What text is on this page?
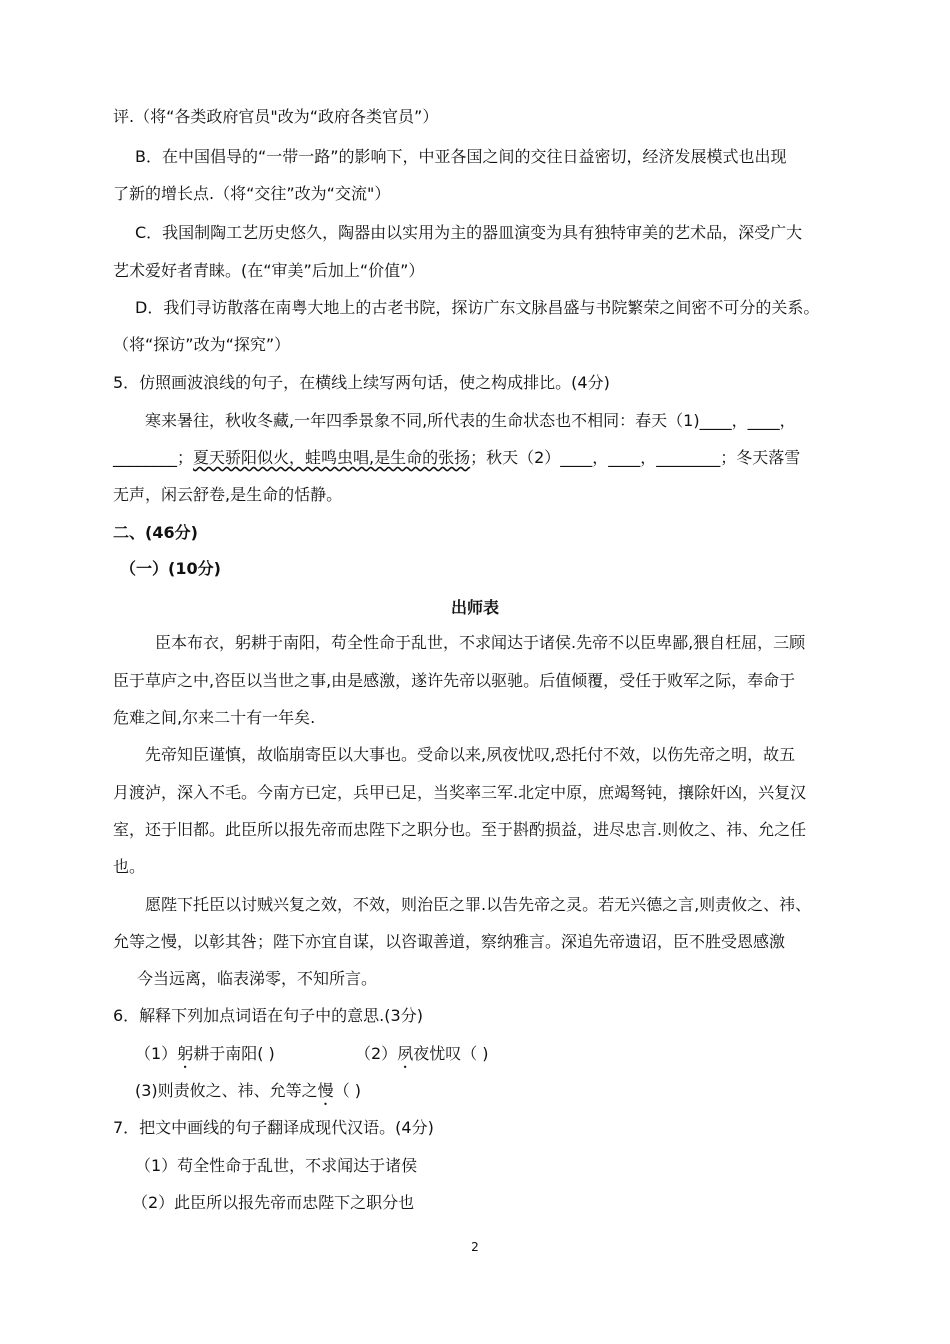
评.（将“各类政府官员"改为“政府各类官员”）
B．在中国倡导的“一带一路”的影响下，中亚各国之间的交往日益密切，经济发展模式也出现
了新的增长点.（将“交往”改为“交流"）
C．我国制陶工艺历史悠久，陶器由以实用为主的器皿演变为具有独特审美的艺术品，深受广大
艺术爱好者青睐。(在“审美”后加上“价值”）
D．我们寻访散落在南粤大地上的古老书院，探访广东文脉昌盛与书院繁荣之间密不可分的关系。
（将“探访”改为“探究”）
5．仿照画波浪线的句子，在横线上续写两句话，使之构成排比。(4分)
寒来暑往，秋收冬藏,一年四季景象不同,所代表的生命状态也不相同：春天（1)____，____，
________；夏天骄阳似火，蛙鸣虫唱,是生命的张扬；秋天（2）____，____，________；冬天落雪
无声，闲云舒卷,是生命的恬静。
二、(46分)
（一）(10分)
出师表
臣本布衣，躬耕于南阳，苟全性命于乱世，不求闻达于诸侯.先帝不以臣卑鄙,猥自枉屈，三顾
臣于草庐之中,咨臣以当世之事,由是感激，遂许先帝以驱驰。后值倾覆，受任于败军之际，奉命于
危难之间,尔来二十有一年矣.
先帝知臣谨慎，故临崩寄臣以大事也。受命以来,夙夜忧叹,恐托付不效，以伤先帝之明，故五
月渡泸，深入不毛。今南方已定，兵甲已足，当奖率三军.北定中原，庶竭驽钝，攘除奸凶，兴复汉
室，还于旧都。此臣所以报先帝而忠陛下之职分也。至于斟酌损益，进尽忠言.则攸之、祎、允之任
也。
愿陛下托臣以讨贼兴复之效，不效，则治臣之罪.以告先帝之灵。若无兴德之言,则责攸之、祎、
允等之慢，以彰其咎；陛下亦宜自谋，以咨诹善道，察纳雅言。深追先帝遗诏，臣不胜受恩感激
今当远离，临表涕零，不知所言。
6．解释下列加点词语在句子中的意思.(3分)
（1）躬耕于南阳( )	（2）夙夜忧叹（ )
(3)则责攸之、祎、允等之慢（ )
7．把文中画线的句子翻译成现代汉语。(4分)
（1）苟全性命于乱世，不求闻达于诸侯
（2）此臣所以报先帝而忠陛下之职分也
2
